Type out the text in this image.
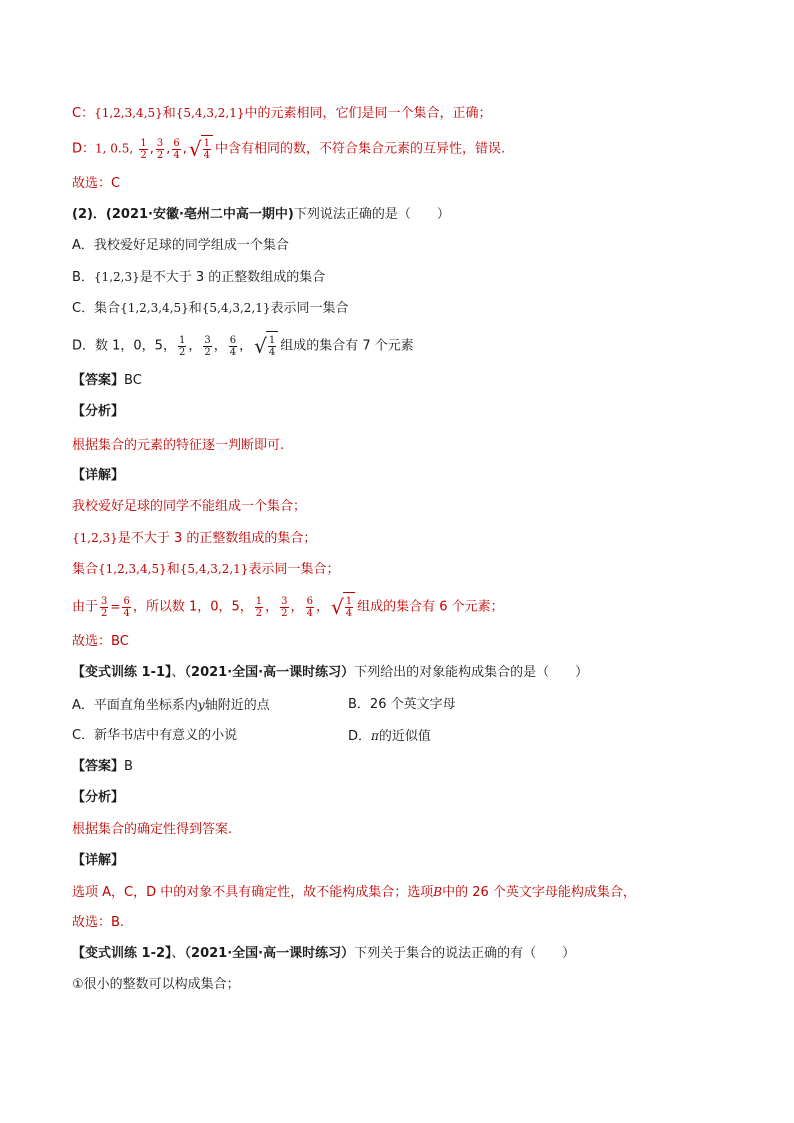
C：{1,2,3,4,5}和{5,4,3,2,1}中的元素相同，它们是同一个集合，正确；
D：1, 0.5, $\frac{1}{2}$ , $\frac{3}{2}$ , $\frac{6}{4}$ , √ $\frac{1}{4}$ 中含有相同的数，不符合集合元素的互异性，错误.
故选：C
(2)．(2021·安徽·亳州二中高一期中)下列说法正确的是（　　）
A．我校爱好足球的同学组成一个集合
B．{1,2,3}是不大于 3 的正整数组成的集合
C．集合{1,2,3,4,5}和{5,4,3,2,1}表示同一集合
D．数 1，0，5， $\frac{1}{2}$ ， $\frac{3}{2}$ ， $\frac{6}{4}$ ， √ $\frac{1}{4}$ 组成的集合有 7 个元素
【答案】BC
【分析】
根据集合的元素的特征逐一判断即可.
【详解】
我校爱好足球的同学不能组成一个集合；
{1,2,3}是不大于 3 的正整数组成的集合；
集合{1,2,3,4,5}和{5,4,3,2,1}表示同一集合；
由于 $\frac{3}{2} = \frac{6}{4}$ ，所以数 1，0，5， $\frac{1}{2}$ ， $\frac{3}{2}$ ， $\frac{6}{4}$ ， √ $\frac{1}{4}$ 组成的集合有 6 个元素；
故选：BC
【变式训练 1-1】、（2021·全国·高一课时练习）下列给出的对象能构成集合的是（　　）
A．平面直角坐标系内y轴附近的点	B．26 个英文字母
C．新华书店中有意义的小说	D．π的近似值
【答案】B
【分析】
根据集合的确定性得到答案.
【详解】
选项 A，C，D 中的对象不具有确定性，故不能构成集合；选项B中的 26 个英文字母能构成集合，
故选：B.
【变式训练 1-2】、（2021·全国·高一课时练习）下列关于集合的说法正确的有（　　）
①很小的整数可以构成集合；
